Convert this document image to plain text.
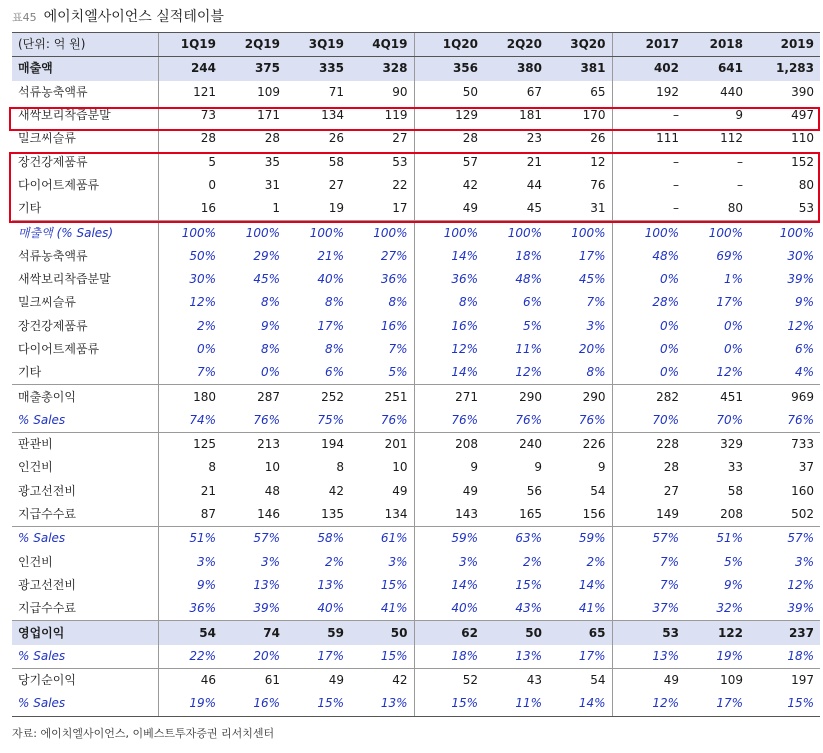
표45 에이치엘사이언스 실적테이블
(단위: 억 원)	1Q19	2Q19	3Q19	4Q19	1Q20	2Q20	3Q20	2017	2018	2019
매출액	244	375	335	328	356	380	381	402	641	1,283
석류농축액류	121	109	71	90	50	67	65	192	440	390
새싹보리착즙분말	73	171	134	119	129	181	170	–	9	497
밀크씨슬류	28	28	26	27	28	23	26	111	112	110
장건강제품류	5	35	58	53	57	21	12	–	–	152
다이어트제품류	0	31	27	22	42	44	76	–	–	80
기타	16	1	19	17	49	45	31	–	80	53
매출액 (% Sales)	100%	100%	100%	100%	100%	100%	100%	100%	100%	100%
석류농축액류	50%	29%	21%	27%	14%	18%	17%	48%	69%	30%
새싹보리착즙분말	30%	45%	40%	36%	36%	48%	45%	0%	1%	39%
밀크씨슬류	12%	8%	8%	8%	8%	6%	7%	28%	17%	9%
장건강제품류	2%	9%	17%	16%	16%	5%	3%	0%	0%	12%
다이어트제품류	0%	8%	8%	7%	12%	11%	20%	0%	0%	6%
기타	7%	0%	6%	5%	14%	12%	8%	0%	12%	4%
매출총이익	180	287	252	251	271	290	290	282	451	969
% Sales	74%	76%	75%	76%	76%	76%	76%	70%	70%	76%
판관비	125	213	194	201	208	240	226	228	329	733
인건비	8	10	8	10	9	9	9	28	33	37
광고선전비	21	48	42	49	49	56	54	27	58	160
지급수수료	87	146	135	134	143	165	156	149	208	502
% Sales	51%	57%	58%	61%	59%	63%	59%	57%	51%	57%
인건비	3%	3%	2%	3%	3%	2%	2%	7%	5%	3%
광고선전비	9%	13%	13%	15%	14%	15%	14%	7%	9%	12%
지급수수료	36%	39%	40%	41%	40%	43%	41%	37%	32%	39%
영업이익	54	74	59	50	62	50	65	53	122	237
% Sales	22%	20%	17%	15%	18%	13%	17%	13%	19%	18%
당기순이익	46	61	49	42	52	43	54	49	109	197
% Sales	19%	16%	15%	13%	15%	11%	14%	12%	17%	15%
자료: 에이치엘사이언스, 이베스트투자증권 리서치센터
